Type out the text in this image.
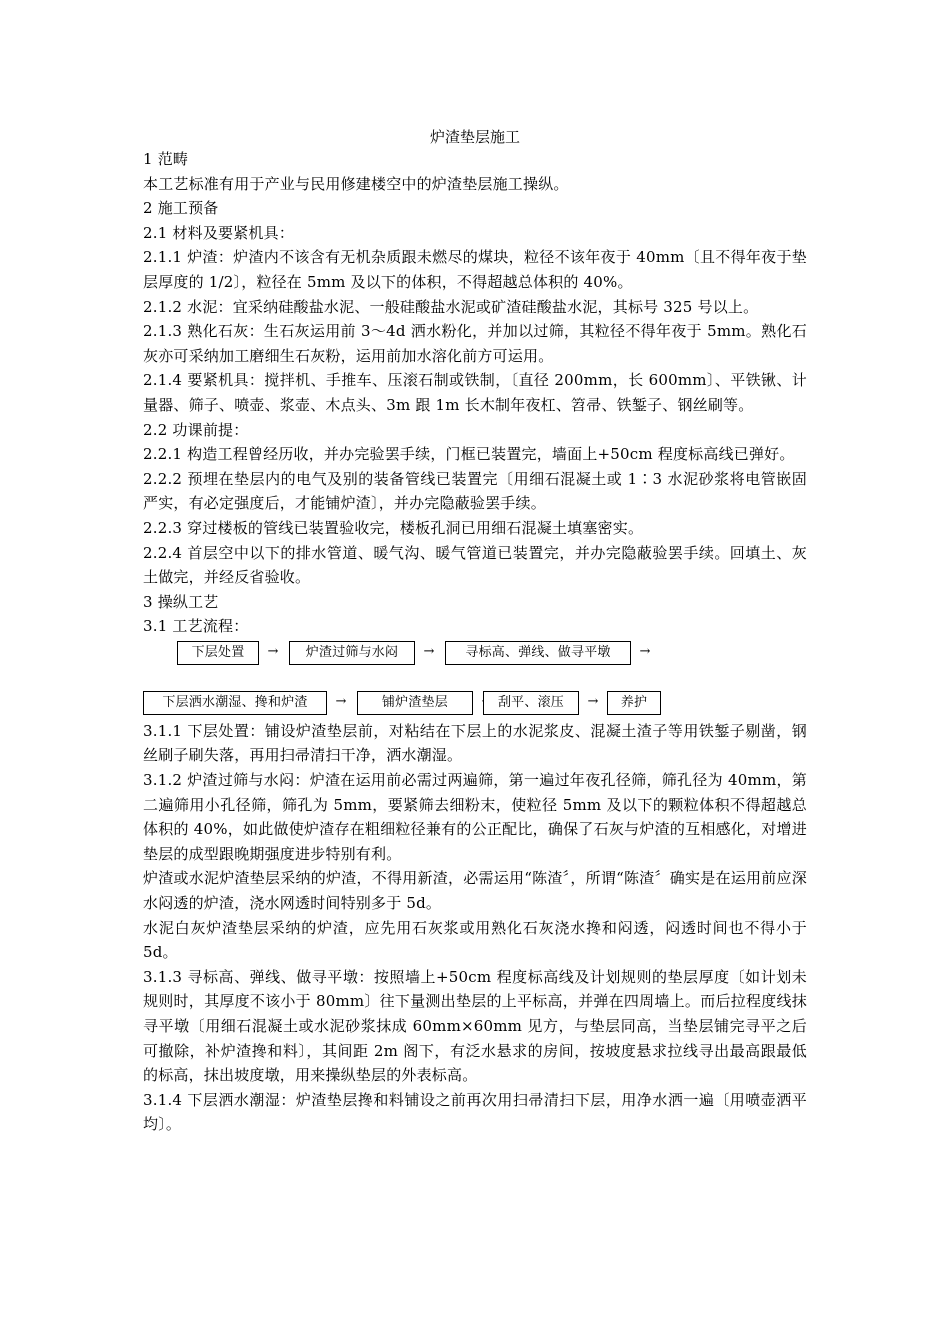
炉渣垫层施工

1 范畴

本工艺标准有用于产业与民用修建楼空中的炉渣垫层施工操纵。

2 施工预备

2.1 材料及要紧机具：

2.1.1 炉渣：炉渣内不该含有无机杂质跟未燃尽的煤块，粒径不该年夜于 40mm〔且不得年夜于垫层厚度的 1/2〕，粒径在 5mm 及以下的体积，不得超越总体积的 40%。

2.1.2 水泥：宜采纳硅酸盐水泥、一般硅酸盐水泥或矿渣硅酸盐水泥，其标号 325 号以上。

2.1.3 熟化石灰：生石灰运用前 3～4d 洒水粉化，并加以过筛，其粒径不得年夜于 5mm。熟化石灰亦可采纳加工磨细生石灰粉，运用前加水溶化前方可运用。

2.1.4 要紧机具：搅拌机、手推车、压滚石制或铁制，〔直径 200mm，长 600mm〕、平铁锹、计量器、筛子、喷壶、浆壶、木点头、3m 跟 1m 长木制年夜杠、笤帚、铁錾子、钢丝刷等。

2.2 功课前提：

2.2.1 构造工程曾经历收，并办完验罢手续，门框已装置完，墙面上+50cm 程度标高线已弹好。

2.2.2 预埋在垫层内的电气及别的装备管线已装置完〔用细石混凝土或 1∶3 水泥砂浆将电管嵌固严实，有必定强度后，才能铺炉渣〕，并办完隐蔽验罢手续。

2.2.3 穿过楼板的管线已装置验收完，楼板孔洞已用细石混凝土填塞密实。

2.2.4 首层空中以下的排水管道、暖气沟、暖气管道已装置完，并办完隐蔽验罢手续。回填土、灰土做完，并经反省验收。

3 操纵工艺

3.1 工艺流程：

下层处置	→	炉渣过筛与水闷	→	寻标高、弹线、做寻平墩	→
下层洒水潮湿、搀和炉渣	→	铺炉渣垫层	刮平、滚压	→	养护

3.1.1 下层处置：铺设炉渣垫层前，对粘结在下层上的水泥浆皮、混凝土渣子等用铁錾子剔凿，钢丝刷子刷失落，再用扫帚清扫干净，洒水潮湿。

3.1.2 炉渣过筛与水闷：炉渣在运用前必需过两遍筛，第一遍过年夜孔径筛，筛孔径为 40mm，第二遍筛用小孔径筛，筛孔为 5mm，要紧筛去细粉末，使粒径 5mm 及以下的颗粒体积不得超越总体积的 40%，如此做使炉渣存在粗细粒径兼有的公正配比，确保了石灰与炉渣的互相感化，对增进垫层的成型跟晚期强度进步特别有利。

炉渣或水泥炉渣垫层采纳的炉渣，不得用新渣，必需运用“陈渣〞，所谓“陈渣〞确实是在运用前应深水闷透的炉渣，浇水网透时间特别多于 5d。

水泥白灰炉渣垫层采纳的炉渣，应先用石灰浆或用熟化石灰浇水搀和闷透，闷透时间也不得小于 5d。

3.1.3 寻标高、弹线、做寻平墩：按照墙上+50cm 程度标高线及计划规则的垫层厚度〔如计划未规则时，其厚度不该小于 80mm〕往下量测出垫层的上平标高，并弹在四周墙上。而后拉程度线抹寻平墩〔用细石混凝土或水泥砂浆抹成 60mm×60mm 见方，与垫层同高，当垫层铺完寻平之后可撤除，补炉渣搀和料〕，其间距 2m 阁下，有泛水悬求的房间，按坡度悬求拉线寻出最高跟最低的标高，抹出坡度墩，用来操纵垫层的外表标高。

3.1.4 下层洒水潮湿：炉渣垫层搀和料铺设之前再次用扫帚清扫下层，用净水洒一遍〔用喷壶洒平均〕。
